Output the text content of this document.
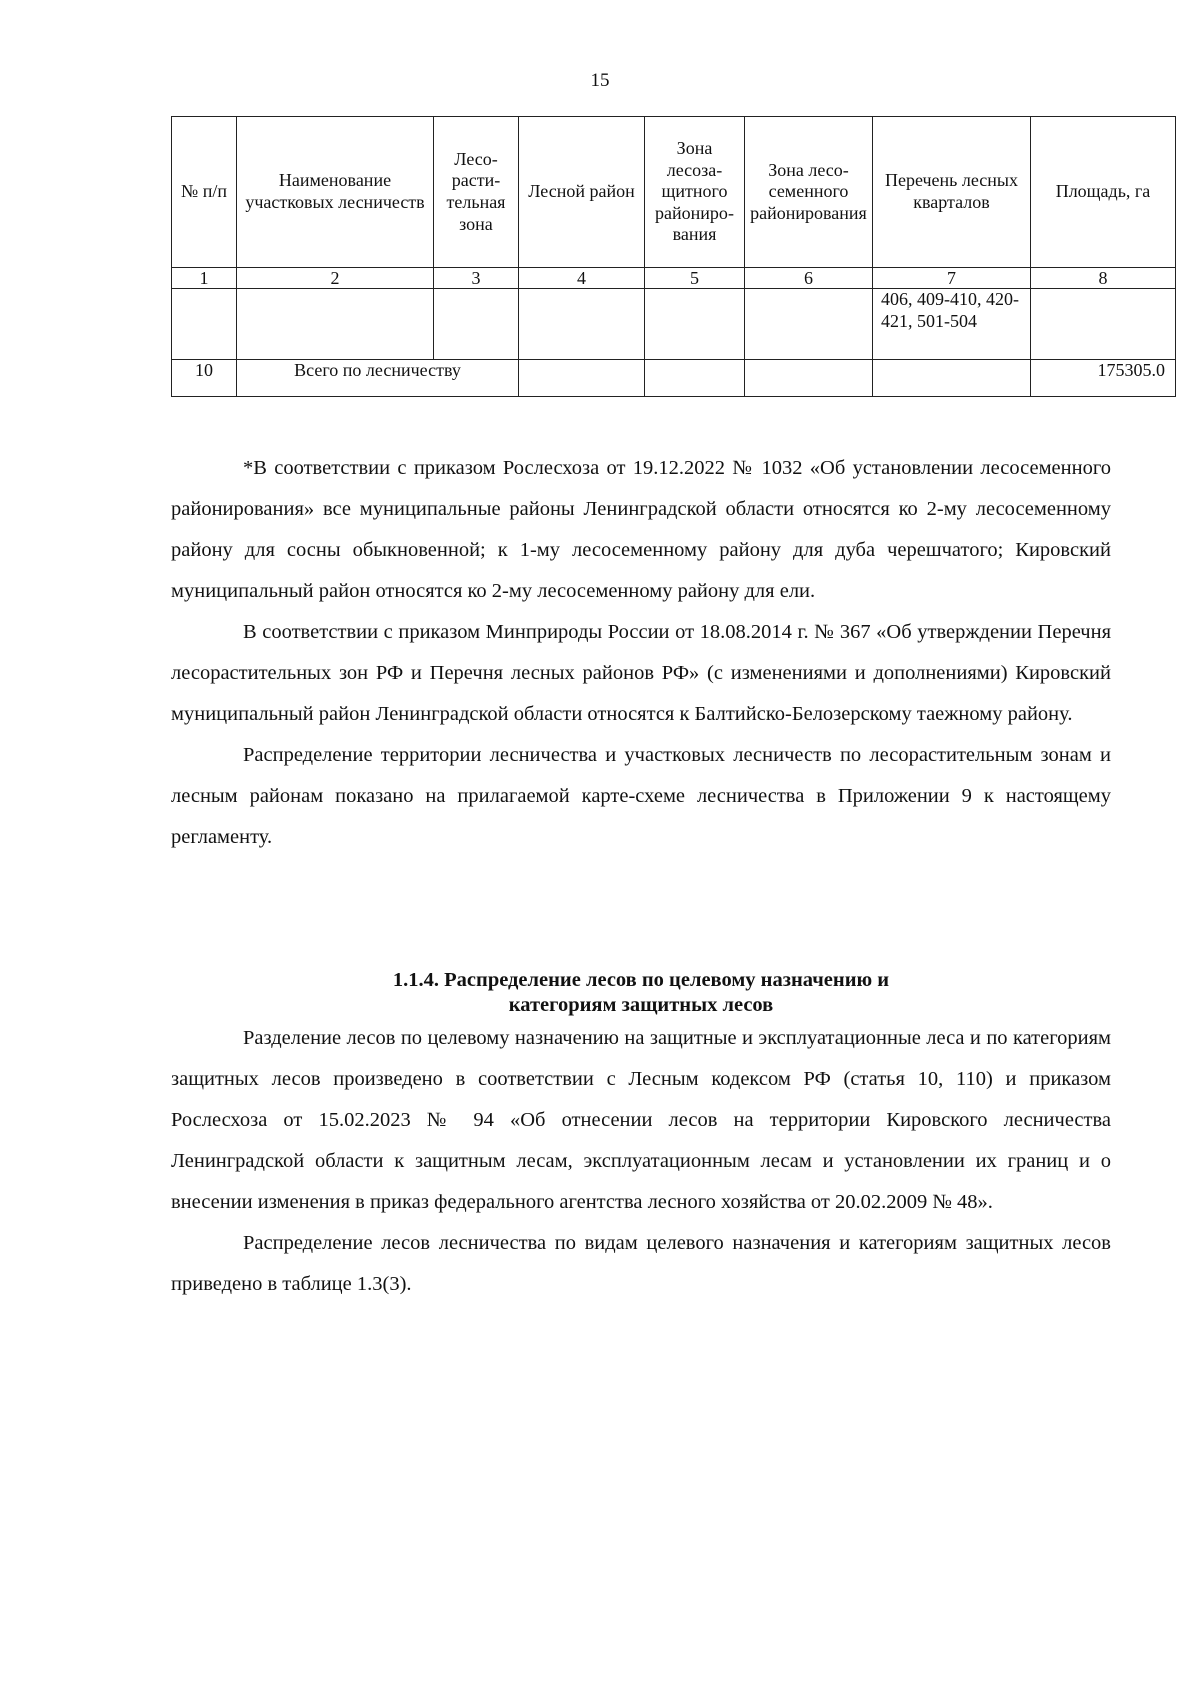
15
№ п/п	Наименование участковых лесничеств	Лесорастительная зона	Лесной район	Зона лесозащитного районирования	Зона лесосеменного районирования	Перечень лесных кварталов	Площадь, га
1	2	3	4	5	6	7	8
						406, 409-410, 420-421, 501-504	
10	Всего по лесничеству						175305.0

*В соответствии с приказом Рослесхоза от 19.12.2022 № 1032 «Об установлении лесосеменного районирования» все муниципальные районы Ленинградской области относятся ко 2-му лесосеменному району для сосны обыкновенной; к 1-му лесосеменному району для дуба черешчатого; Кировский муниципальный район относятся ко 2-му лесосеменному району для ели.

В соответствии с приказом Минприроды России от 18.08.2014 г. № 367 «Об утверждении Перечня лесорастительных зон РФ и Перечня лесных районов РФ» (с изменениями и дополнениями) Кировский муниципальный район Ленинградской области относятся к Балтийско-Белозерскому таежному району.

Распределение территории лесничества и участковых лесничеств по лесорастительным зонам и лесным районам показано на прилагаемой карте-схеме лесничества в Приложении 9 к настоящему регламенту.

1.1.4. Распределение лесов по целевому назначению и
категориям защитных лесов

Разделение лесов по целевому назначению на защитные и эксплуатационные леса и по категориям защитных лесов произведено в соответствии с Лесным кодексом РФ (статья 10, 110) и приказом Рослесхоза от 15.02.2023 № 94 «Об отнесении лесов на территории Кировского лесничества Ленинградской области к защитным лесам, эксплуатационным лесам и установлении их границ и о внесении изменения в приказ федерального агентства лесного хозяйства от 20.02.2009 № 48».

Распределение лесов лесничества по видам целевого назначения и категориям защитных лесов приведено в таблице 1.3(3).
